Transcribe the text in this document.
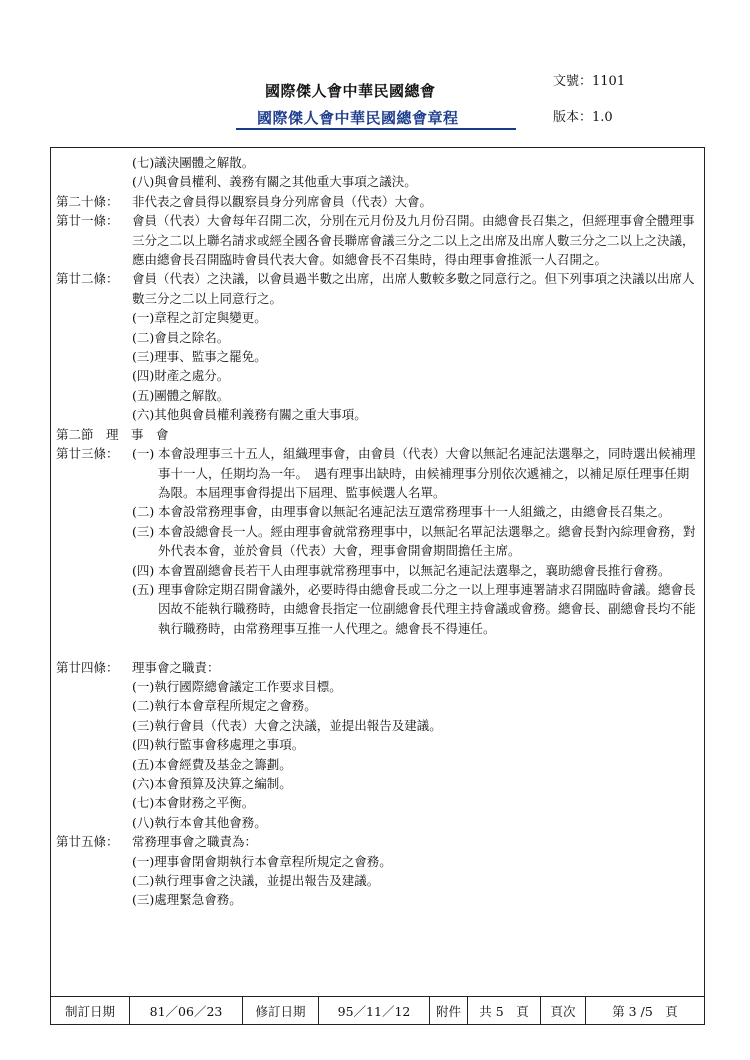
國際傑人會中華民國總會
國際傑人會中華民國總會章程
文號：1101
版本：1.0
(七)議決團體之解散。
(八)與會員權利、義務有關之其他重大事項之議決。
第二十條：	非代表之會員得以觀察員身分列席會員（代表）大會。
第廿一條：	會員（代表）大會每年召開二次，分別在元月份及九月份召開。由總會長召集之，但經理事會全體理事三分之二以上聯名請求或經全國各會長聯席會議三分之二以上之出席及出席人數三分之二以上之決議，應由總會長召開臨時會員代表大會。如總會長不召集時，得由理事會推派一人召開之。
第廿二條：	會員（代表）之決議，以會員過半數之出席，出席人數較多數之同意行之。但下列事項之決議以出席人數三分之二以上同意行之。
(一)章程之訂定與變更。
(二)會員之除名。
(三)理事、監事之罷免。
(四)財產之處分。
(五)團體之解散。
(六)其他與會員權利義務有關之重大事項。
第二節　理　事　會
第廿三條：	(一) 本會設理事三十五人，組織理事會，由會員（代表）大會以無記名連記法選舉之，同時選出候補理事十一人，任期均為一年。　遇有理事出缺時，由候補理事分別依次遞補之，以補足原任理事任期為限。本屆理事會得提出下屆理、監事候選人名單。
(二) 本會設常務理事會，由理事會以無記名連記法互選常務理事十一人組織之，由總會長召集之。
(三) 本會設總會長一人。經由理事會就常務理事中，以無記名單記法選舉之。總會長對內綜理會務，對外代表本會，並於會員（代表）大會，理事會開會期間擔任主席。
(四) 本會置副總會長若干人由理事就常務理事中，以無記名連記法選舉之，襄助總會長推行會務。
(五) 理事會除定期召開會議外，必要時得由總會長或二分之一以上理事連署請求召開臨時會議。總會長因故不能執行職務時，由總會長指定一位副總會長代理主持會議或會務。總會長、副總會長均不能執行職務時，由常務理事互推一人代理之。總會長不得連任。
第廿四條：	理事會之職責：
(一)執行國際總會議定工作要求目標。
(二)執行本會章程所規定之會務。
(三)執行會員（代表）大會之決議，並提出報告及建議。
(四)執行監事會移處理之事項。
(五)本會經費及基金之籌劃。
(六)本會預算及決算之編制。
(七)本會財務之平衡。
(八)執行本會其他會務。
第廿五條：	常務理事會之職責為：
(一)理事會閉會期執行本會章程所規定之會務。
(二)執行理事會之決議，並提出報告及建議。
(三)處理緊急會務。
制訂日期	81／06／23	修訂日期	95／11／12	附件	共 5　頁	頁次	第 3 /5　頁
